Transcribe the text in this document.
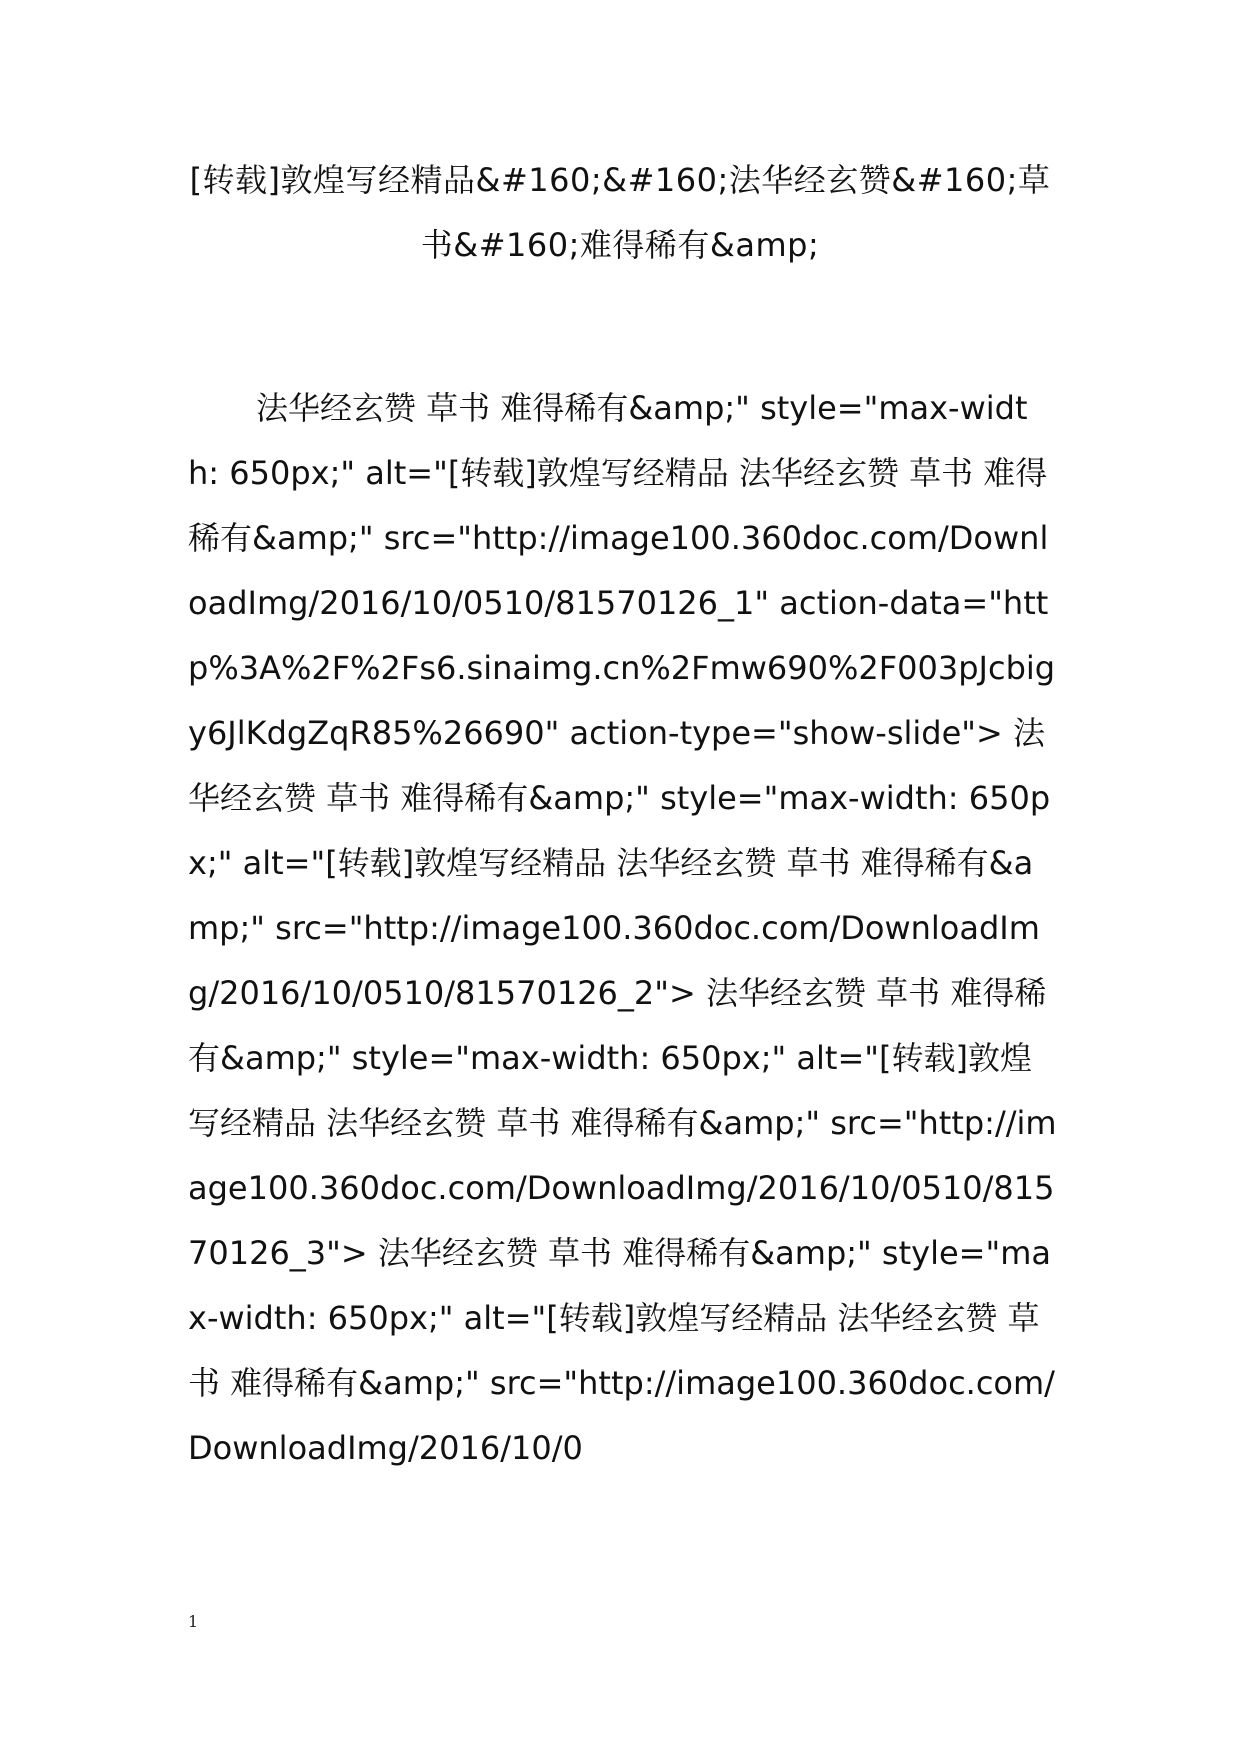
[转载]敦煌写经精品&#160;&#160;法华经玄赞&#160;草书&#160;难得稀有&amp;

法华经玄赞 草书 难得稀有&amp;" style="max-width: 650px;" alt="[转载]敦煌写经精品 法华经玄赞 草书 难得稀有&amp;" src="http://image100.360doc.com/DownloadImg/2016/10/0510/81570126_1" action-data="http%3A%2F%2Fs6.sinaimg.cn%2Fmw690%2F003pJcbigy6JlKdgZqR85%26690" action-type="show-slide"> 法华经玄赞 草书 难得稀有&amp;" style="max-width: 650px;" alt="[转载]敦煌写经精品 法华经玄赞 草书 难得稀有&amp;" src="http://image100.360doc.com/DownloadImg/2016/10/0510/81570126_2"> 法华经玄赞 草书 难得稀有&amp;" style="max-width: 650px;" alt="[转载]敦煌写经精品 法华经玄赞 草书 难得稀有&amp;" src="http://image100.360doc.com/DownloadImg/2016/10/0510/81570126_3"> 法华经玄赞 草书 难得稀有&amp;" style="max-width: 650px;" alt="[转载]敦煌写经精品 法华经玄赞 草书 难得稀有&amp;" src="http://image100.360doc.com/DownloadImg/2016/10/0

1
